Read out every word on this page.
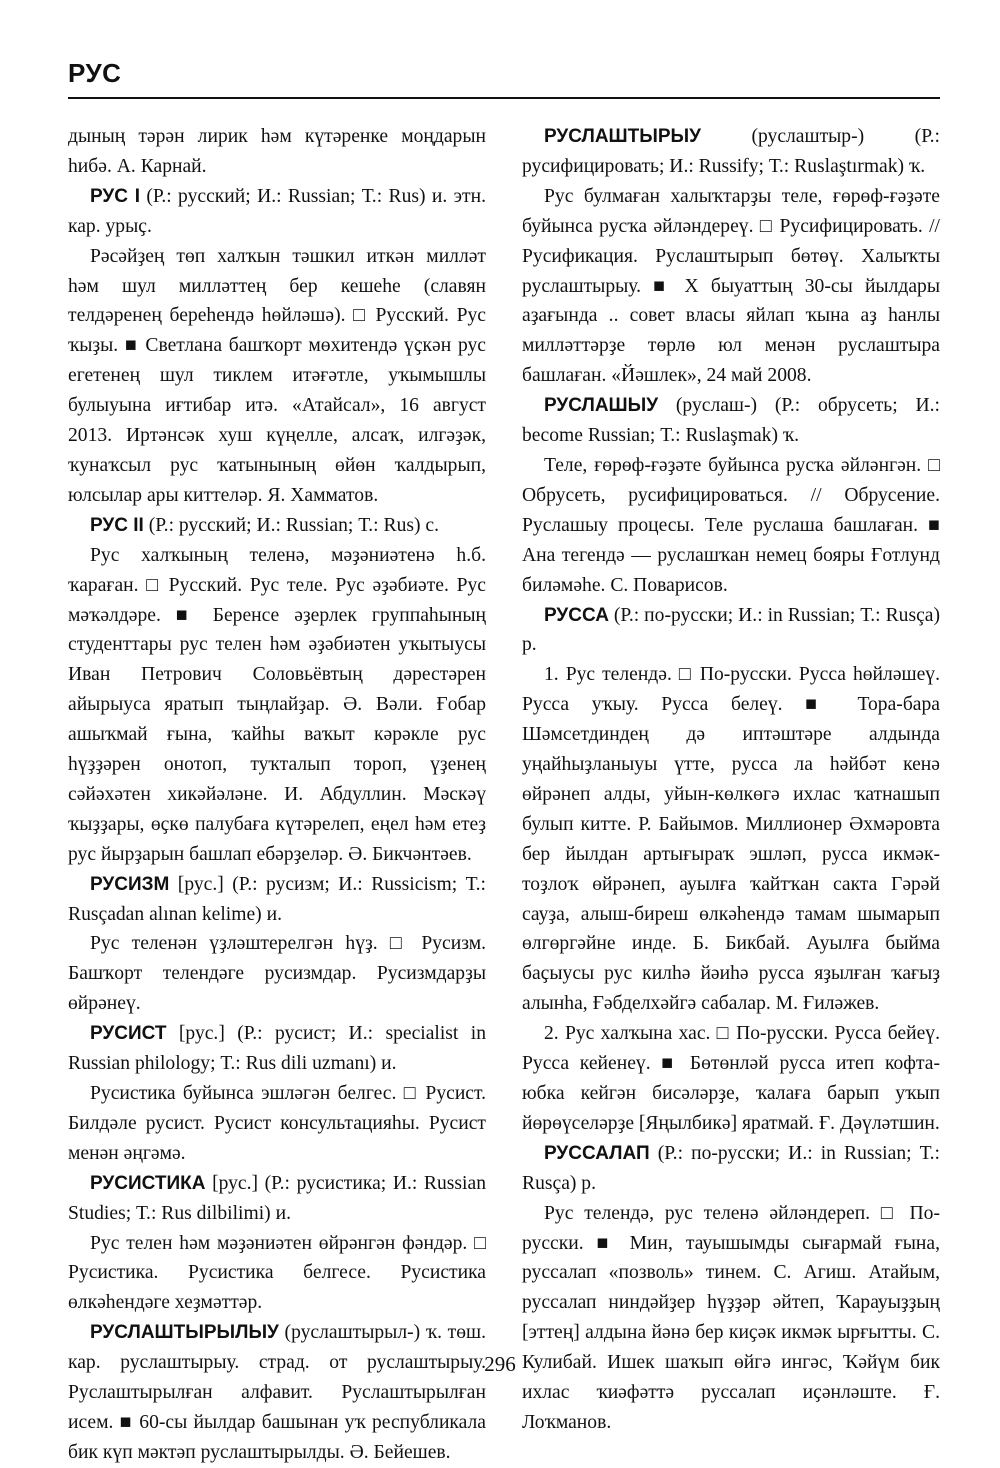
РУС

дының тәрән лирик һәм күтәренке моңдарын һибә. А. Карнай.

РУС I (Р.: русский; И.: Russian; Т.: Rus) и. этн. кар. урыҫ.

Рәсәйҙең төп халҡын тәшкил иткән милләт һәм шул милләттең бер кешеһе (славян телдәренең береһендә һөйләшә). □ Русский. Рус ҡыҙы. ■ Светлана башҡорт мөхитендә үҫкән рус егетенең шул тиклем итәғәтле, уҡымышлы булыуына иғтибар итә. «Атайсал», 16 август 2013. Иртәнсәк хуш күңелле, алсаҡ, илгәҙәк, ҡунаҡсыл рус ҡатынының өйөн ҡалдырып, юлсылар ары киттеләр. Я. Хамматов.

РУС II (Р.: русский; И.: Russian; Т.: Rus) с.

Рус халҡының теленә, мәҙәниәтенә һ.б. ҡараған. □ Русский. Рус теле. Рус әҙәбиәте. Рус мәҡәлдәре. ■ Беренсе әҙерлек группаһының студенттары рус телен һәм әҙәбиәтен уҡытыусы Иван Петрович Соловьёвтың дәрестәрен айырыуса яратып тыңлайҙар. Ә. Вәли. Ғобар ашыҡмай ғына, ҡайһы ваҡыт кәрәкле рус һүҙҙәрен онотоп, туҡталып тороп, үҙенең сәйәхәтен хикәйәләне. И. Абдуллин. Мәскәү ҡыҙҙары, өҫкө палубаға күтәрелеп, еңел һәм етеҙ рус йырҙарын башлап ебәрҙеләр. Ә. Бикчәнтәев.

РУСИЗМ [рус.] (Р.: русизм; И.: Russicism; Т.: Rusçadan alınan kelime) и.

Рус теленән үҙләштерелгән һүҙ. □ Русизм. Башҡорт телендәге русизмдар. Русизмдарҙы өйрәнеү.

РУСИСТ [рус.] (Р.: русист; И.: specialist in Russian philology; Т.: Rus dili uzmanı) и.

Русистика буйынса эшләгән белгес. □ Русист. Билдәле русист. Русист консультацияһы. Русист менән әңгәмә.

РУСИСТИКА [рус.] (Р.: русистика; И.: Russian Studies; Т.: Rus dilbilimi) и.

Рус телен һәм мәҙәниәтен өйрәнгән фәндәр. □ Русистика. Русистика белгесе. Русистика өлкәһендәге хеҙмәттәр.

РУСЛАШТЫРЫЛЫУ (руслаштырыл-) ҡ. төш. кар. руслаштырыу. страд. от руслаштырыу. Руслаштырылған алфавит. Руслаштырылған исем. ■ 60-сы йылдар башынан уҡ республикала бик күп мәктәп руслаштырылды. Ә. Бейешев.

РУСЛАШТЫРЫУ (руслаштыр-) (Р.: русифицировать; И.: Russify; Т.: Ruslaştırmak) ҡ.

Рус булмаған халыҡтарҙы теле, ғөрөф-ғәҙәте буйынса русҡа әйләндереү. □ Русифицировать. // Русификация. Руслаштырып бөтөү. Халыҡты руслаштырыу. ■ Х быуаттың 30-сы йылдары аҙағында .. совет власы яйлап ҡына аҙ һанлы милләттәрҙе төрлө юл менән руслаштыра башлаған. «Йәшлек», 24 май 2008.

РУСЛАШЫУ (руслаш-) (Р.: обрусеть; И.: become Russian; Т.: Ruslaşmak) ҡ.

Теле, ғөрөф-ғәҙәте буйынса русҡа әйләнгән. □ Обрусеть, русифицироваться. // Обрусение. Руслашыу процесы. Теле руслаша башлаған. ■ Ана тегендә — руслашҡан немец бояры Ғотлунд биләмәһе. С. Поварисов.

РУССА (Р.: по-русски; И.: in Russian; Т.: Rusça) р.

1. Рус телендә. □ По-русски. Русса һөйләшеү. Русса уҡыу. Русса белеү. ■ Тора-бара Шәмсетдиндең дә иптәштәре алдында уңайһыҙланыуы үтте, русса ла һәйбәт кенә өйрәнеп алды, уйын-көлкөгә ихлас ҡатнашып булып китте. Р. Байымов. Миллионер Әхмәровта бер йылдан артығыраҡ эшләп, русса икмәк-тоҙлоҡ өйрәнеп, ауылға ҡайтҡан сакта Гәрәй сауҙа, алыш-биреш өлкәһендә тамам шымарып өлгөргәйне инде. Б. Бикбай. Ауылға быйма баҫыусы рус килһә йәиһә русса яҙылған ҡағыҙ алынһа, Ғәбделхәйгә сабалар. М. Ғиләжев.

2. Рус халҡына хас. □ По-русски. Русса бейеү. Русса кейенеү. ■ Бөтөнләй русса итеп кофта-юбка кейгән бисәләрҙе, ҡалаға барып уҡып йөрөүселәрҙе [Яңылбикә] яратмай. Ғ. Дәүләтшин.

РУССАЛАП (Р.: по-русски; И.: in Russian; Т.: Rusça) р.

Рус телендә, рус теленә әйләндереп. □ По-русски. ■ Мин, тауышымды сығармай ғына, руссалап «позволь» тинем. С. Агиш. Атайым, руссалап ниндәйҙер һүҙҙәр әйтеп, Ҡарауыҙҙың [эттең] алдына йәнә бер киҫәк икмәк ырғытты. С. Кулибай. Ишек шаҡып өйгә ингәс, Ҡәйүм бик ихлас ҡиәфәттә руссалап иҫәнләште. Ғ. Лоҡманов.

296
